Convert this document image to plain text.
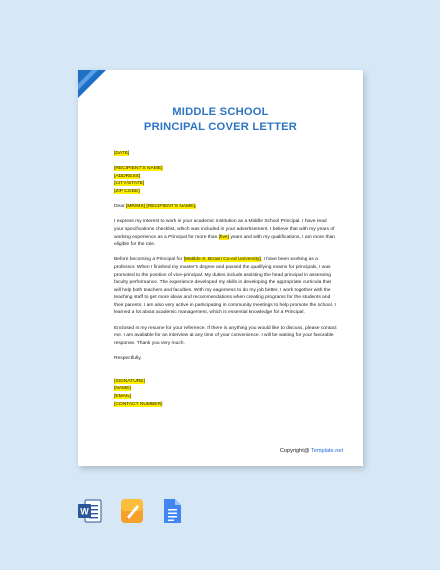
MIDDLE SCHOOL
PRINCIPAL COVER LETTER
[DATE]
[RECIPIENT'S NAME]
[ADDRESS]
[CITY/STATE]
[ZIP CODE]
Dear [MR/MS] [RECIPIENT'S NAME],

I express my interest to work in your academic institution as a Middle School Principal. I have read your specifications checklist, which was included in your advertisement. I believe that with my years of working experience as a Principal for more than [five] years and with my qualifications, I am more than eligible for the role.

Before becoming a Principal for [Matilde S. Brown Co-ed University], I have been working as a professor. When I finished my master's degree and passed the qualifying exams for principals, I was promoted to the position of vice-principal. My duties include assisting the head principal in assessing faculty performance. The experience developed my skills in developing the appropriate curricula that will help both teachers and faculties. With my eagerness to do my job better, I work together with the teaching staff to get more ideas and recommendations when creating programs for the students and their parents. I am also very active in participating in community meetings to help promote the school. I learned a lot about academic management, which is essential knowledge for a Principal.

Enclosed is my resume for your reference. If there is anything you would like to discuss, please contact me. I am available for an interview at any time of your convenience. I will be waiting for your favorable response. Thank you very much.

Respectfully,
[SIGNATURE]
[NAME]
[EMAIL]
[CONTACT NUMBER]
Copyright@ Template.net
W
